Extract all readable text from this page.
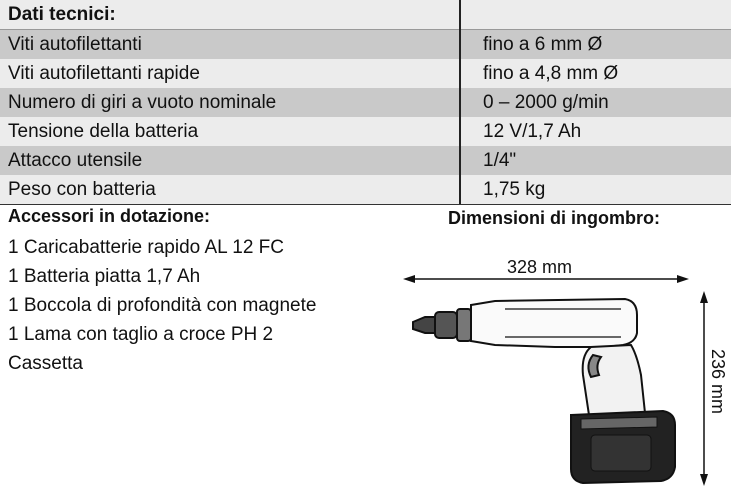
Dati tecnici:
Viti autofilettanti	fino a 6 mm Ø
Viti autofilettanti rapide	fino a 4,8 mm Ø
Numero di giri a vuoto nominale	0 – 2000 g/min
Tensione della batteria	12 V/1,7 Ah
Attacco utensile	1/4"
Peso con batteria	1,75 kg
Accessori in dotazione:
1 Caricabatterie rapido AL 12 FC
1 Batteria piatta 1,7 Ah
1 Boccola di profondità con magnete
1 Lama con taglio a croce PH 2
Cassetta
Dimensioni di ingombro:
328 mm
236 mm
